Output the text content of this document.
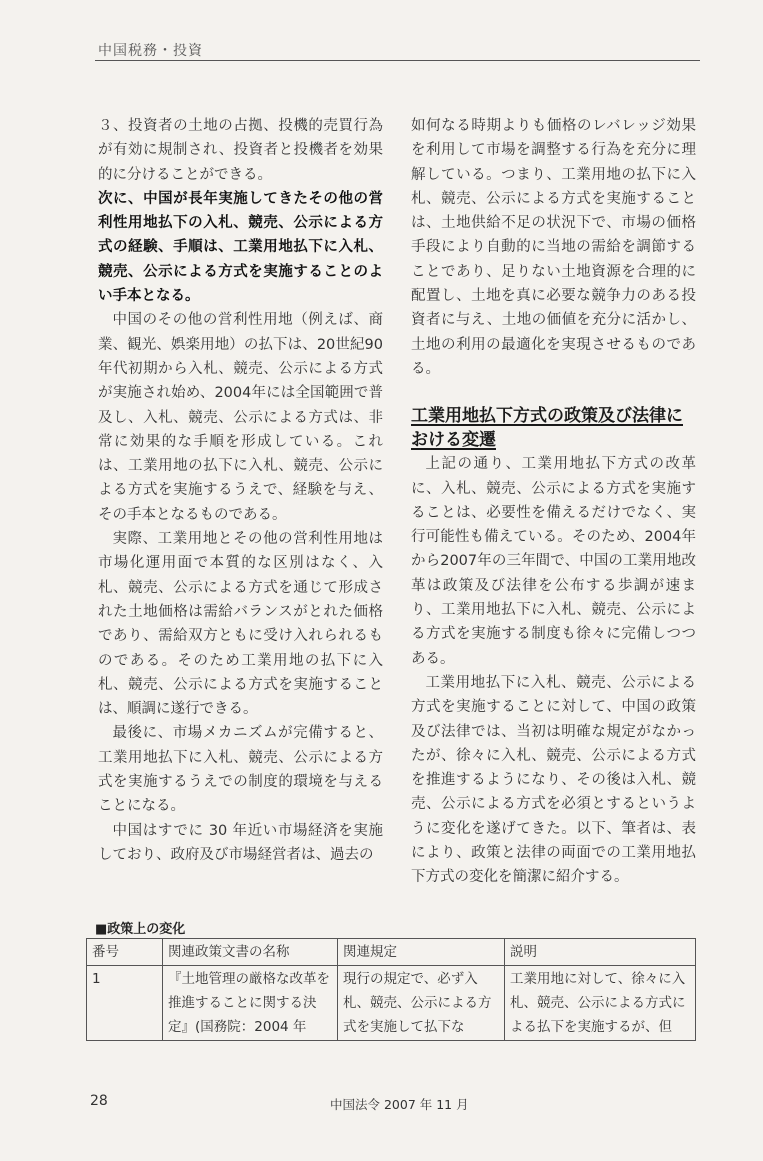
中国税務・投資

３、投資者の土地の占拠、投機的売買行為が有効に規制され、投資者と投機者を効果的に分けることができる。

次に、中国が長年実施してきたその他の営利性用地払下の入札、競売、公示による方式の経験、手順は、工業用地払下に入札、競売、公示による方式を実施することのよい手本となる。

中国のその他の営利性用地（例えば、商業、観光、娯楽用地）の払下は、20世紀90年代初期から入札、競売、公示による方式が実施され始め、2004年には全国範囲で普及し、入札、競売、公示による方式は、非常に効果的な手順を形成している。これは、工業用地の払下に入札、競売、公示による方式を実施するうえで、経験を与え、その手本となるものである。

実際、工業用地とその他の営利性用地は市場化運用面で本質的な区別はなく、入札、競売、公示による方式を通じて形成された土地価格は需給バランスがとれた価格であり、需給双方ともに受け入れられるものである。そのため工業用地の払下に入札、競売、公示による方式を実施することは、順調に遂行できる。

最後に、市場メカニズムが完備すると、工業用地払下に入札、競売、公示による方式を実施するうえでの制度的環境を与えることになる。

中国はすでに 30 年近い市場経済を実施しており、政府及び市場経営者は、過去の

如何なる時期よりも価格のレバレッジ効果を利用して市場を調整する行為を充分に理解している。つまり、工業用地の払下に入札、競売、公示による方式を実施することは、土地供給不足の状況下で、市場の価格手段により自動的に当地の需給を調節することであり、足りない土地資源を合理的に配置し、土地を真に必要な競争力のある投資者に与え、土地の価値を充分に活かし、土地の利用の最適化を実現させるものである。

工業用地払下方式の政策及び法律における変遷

上記の通り、工業用地払下方式の改革に、入札、競売、公示による方式を実施することは、必要性を備えるだけでなく、実行可能性も備えている。そのため、2004年から2007年の三年間で、中国の工業用地改革は政策及び法律を公布する歩調が速まり、工業用地払下に入札、競売、公示による方式を実施する制度も徐々に完備しつつある。

工業用地払下に入札、競売、公示による方式を実施することに対して、中国の政策及び法律では、当初は明確な規定がなかったが、徐々に入札、競売、公示による方式を推進するようになり、その後は入札、競売、公示による方式を必須とするというように変化を遂げてきた。以下、筆者は、表により、政策と法律の両面での工業用地払下方式の変化を簡潔に紹介する。

■政策上の変化
番号	関連政策文書の名称	関連規定	説明

1	『土地管理の厳格な改革を推進することに関する決定』(国務院：2004 年	現行の規定で、必ず入札、競売、公示による方式を実施して払下な	工業用地に対して、徐々に入札、競売、公示による方式による払下を実施するが、但
28	中国法令 2007 年 11 月
